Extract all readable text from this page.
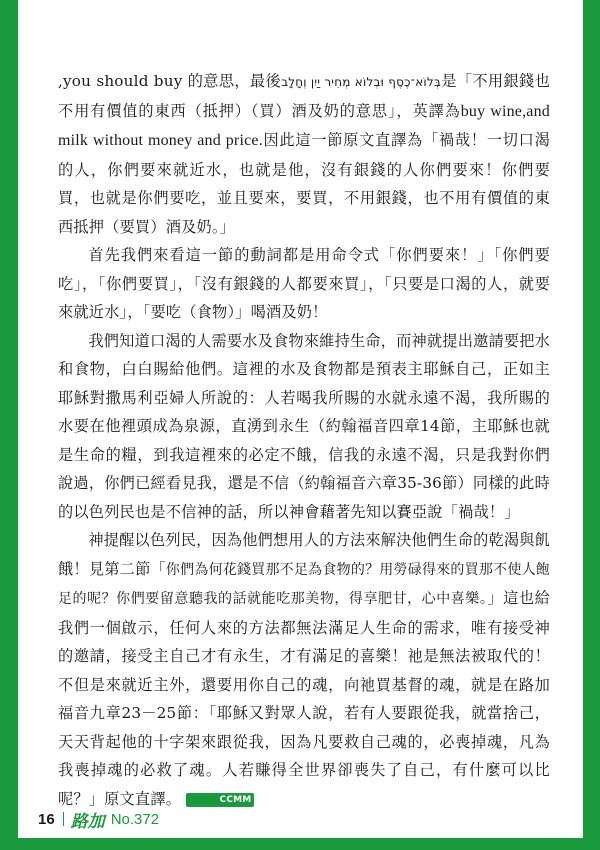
,you should buy 的意思，最後בְּלוֹא־כֶסֶף וּבְלוֹא מְחִיר יַיִן וְחָלָב是「不用銀錢也不用有價值的東西（抵押）（買）酒及奶的意思」，英譯為buy wine,and milk without money and price.因此這一節原文直譯為「禍哉！一切口渴的人，你們要來就近水，也就是他，沒有銀錢的人你們要來！你們要買，也就是你們要吃，並且要來，要買，不用銀錢，也不用有價值的東西抵押（要買）酒及奶。」

首先我們來看這一節的動詞都是用命令式「你們要來！」「你們要吃」，「你們要買」，「沒有銀錢的人都要來買」，「只要是口渴的人，就要來就近水」，「要吃（食物）」喝酒及奶！

我們知道口渴的人需要水及食物來維持生命，而神就提出邀請要把水和食物，白白賜給他們。這裡的水及食物都是預表主耶穌自己，正如主耶穌對撒馬利亞婦人所說的：人若喝我所賜的水就永遠不渴，我所賜的水要在他裡頭成為泉源，直湧到永生（約翰福音四章14節，主耶穌也就是生命的糧，到我這裡來的必定不餓，信我的永遠不渴，只是我對你們說過，你們已經看見我，還是不信（約翰福音六章35-36節）同樣的此時的以色列民也是不信神的話，所以神會藉著先知以賽亞說「禍哉！」

神提醒以色列民，因為他們想用人的方法來解決他們生命的乾渴與飢餓！見第二節「你們為何花錢買那不足為食物的？用勞碌得來的買那不使人飽足的呢？你們要留意聽我的話就能吃那美物，得享肥甘，心中喜樂。」這也給我們一個啟示，任何人來的方法都無法滿足人生命的需求，唯有接受神的邀請，接受主自己才有永生，才有滿足的喜樂！祂是無法被取代的！不但是來就近主外，還要用你自己的魂，向祂買基督的魂，就是在路加福音九章23－25節：「耶穌又對眾人說，若有人要跟從我，就當捨己，天天背起他的十字架來跟從我，因為凡要救自己魂的，必喪掉魂，凡為我喪掉魂的必救了魂。人若賺得全世界卻喪失了自己，有什麼可以比呢？」原文直譯。	CCMM

16 路加 No.372
